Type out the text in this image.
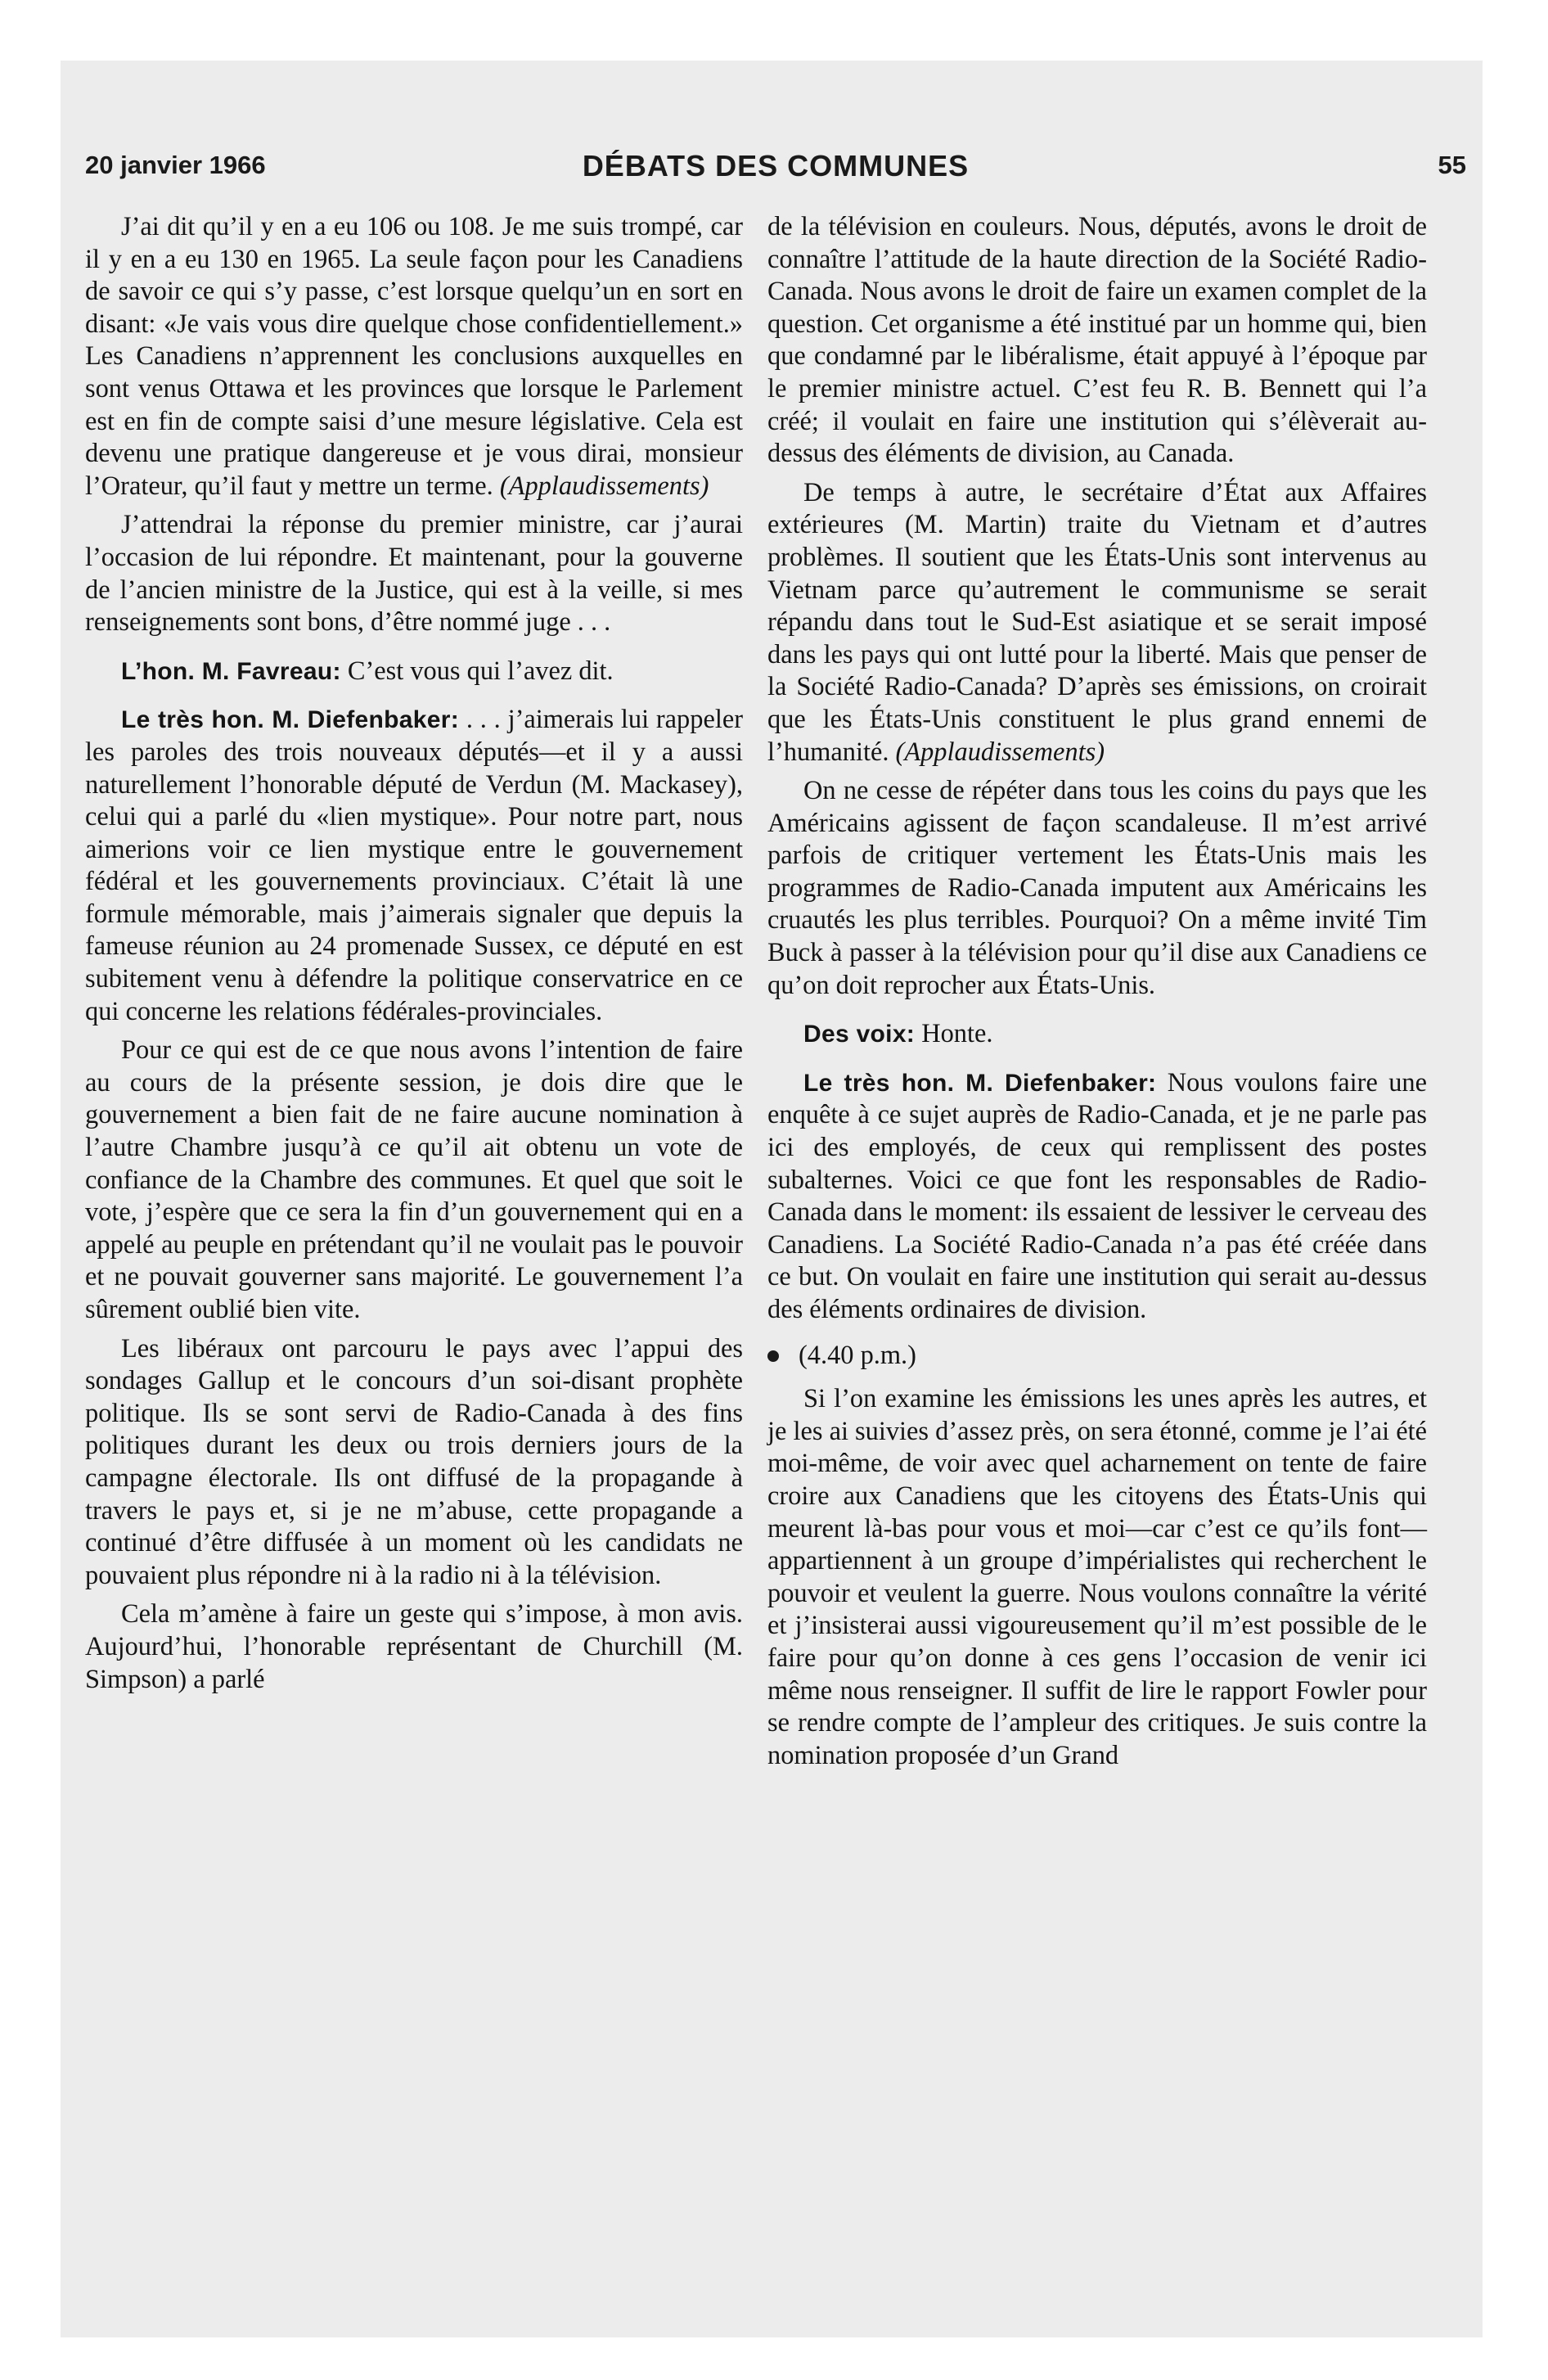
20 janvier 1966	DÉBATS DES COMMUNES	55

J’ai dit qu’il y en a eu 106 ou 108. Je me suis trompé, car il y en a eu 130 en 1965. La seule façon pour les Canadiens de savoir ce qui s’y passe, c’est lorsque quelqu’un en sort en disant: «Je vais vous dire quelque chose confidentiellement.» Les Canadiens n’apprennent les conclusions auxquelles en sont venus Ottawa et les provinces que lorsque le Parlement est en fin de compte saisi d’une mesure législative. Cela est devenu une pratique dangereuse et je vous dirai, monsieur l’Orateur, qu’il faut y mettre un terme. (Applaudissements)

J’attendrai la réponse du premier ministre, car j’aurai l’occasion de lui répondre. Et maintenant, pour la gouverne de l’ancien ministre de la Justice, qui est à la veille, si mes renseignements sont bons, d’être nommé juge . . .

L’hon. M. Favreau: C’est vous qui l’avez dit.

Le très hon. M. Diefenbaker: . . . j’aimerais lui rappeler les paroles des trois nouveaux députés—et il y a aussi naturellement l’honorable député de Verdun (M. Mackasey), celui qui a parlé du «lien mystique». Pour notre part, nous aimerions voir ce lien mystique entre le gouvernement fédéral et les gouvernements provinciaux. C’était là une formule mémorable, mais j’aimerais signaler que depuis la fameuse réunion au 24 promenade Sussex, ce député en est subitement venu à défendre la politique conservatrice en ce qui concerne les relations fédérales-provinciales.

Pour ce qui est de ce que nous avons l’intention de faire au cours de la présente session, je dois dire que le gouvernement a bien fait de ne faire aucune nomination à l’autre Chambre jusqu’à ce qu’il ait obtenu un vote de confiance de la Chambre des communes. Et quel que soit le vote, j’espère que ce sera la fin d’un gouvernement qui en a appelé au peuple en prétendant qu’il ne voulait pas le pouvoir et ne pouvait gouverner sans majorité. Le gouvernement l’a sûrement oublié bien vite.

Les libéraux ont parcouru le pays avec l’appui des sondages Gallup et le concours d’un soi-disant prophète politique. Ils se sont servi de Radio-Canada à des fins politiques durant les deux ou trois derniers jours de la campagne électorale. Ils ont diffusé de la propagande à travers le pays et, si je ne m’abuse, cette propagande a continué d’être diffusée à un moment où les candidats ne pouvaient plus répondre ni à la radio ni à la télévision.

Cela m’amène à faire un geste qui s’impose, à mon avis. Aujourd’hui, l’honorable représentant de Churchill (M. Simpson) a parlé

de la télévision en couleurs. Nous, députés, avons le droit de connaître l’attitude de la haute direction de la Société Radio-Canada. Nous avons le droit de faire un examen complet de la question. Cet organisme a été institué par un homme qui, bien que condamné par le libéralisme, était appuyé à l’époque par le premier ministre actuel. C’est feu R. B. Bennett qui l’a créé; il voulait en faire une institution qui s’élèverait au-dessus des éléments de division, au Canada.

De temps à autre, le secrétaire d’État aux Affaires extérieures (M. Martin) traite du Vietnam et d’autres problèmes. Il soutient que les États-Unis sont intervenus au Vietnam parce qu’autrement le communisme se serait répandu dans tout le Sud-Est asiatique et se serait imposé dans les pays qui ont lutté pour la liberté. Mais que penser de la Société Radio-Canada? D’après ses émissions, on croirait que les États-Unis constituent le plus grand ennemi de l’humanité. (Applaudissements)

On ne cesse de répéter dans tous les coins du pays que les Américains agissent de façon scandaleuse. Il m’est arrivé parfois de critiquer vertement les États-Unis mais les programmes de Radio-Canada imputent aux Américains les cruautés les plus terribles. Pourquoi? On a même invité Tim Buck à passer à la télévision pour qu’il dise aux Canadiens ce qu’on doit reprocher aux États-Unis.

Des voix: Honte.

Le très hon. M. Diefenbaker: Nous voulons faire une enquête à ce sujet auprès de Radio-Canada, et je ne parle pas ici des employés, de ceux qui remplissent des postes subalternes. Voici ce que font les responsables de Radio-Canada dans le moment: ils essaient de lessiver le cerveau des Canadiens. La Société Radio-Canada n’a pas été créée dans ce but. On voulait en faire une institution qui serait au-dessus des éléments ordinaires de division.

(4.40 p.m.)

Si l’on examine les émissions les unes après les autres, et je les ai suivies d’assez près, on sera étonné, comme je l’ai été moi-même, de voir avec quel acharnement on tente de faire croire aux Canadiens que les citoyens des États-Unis qui meurent là-bas pour vous et moi—car c’est ce qu’ils font—appartiennent à un groupe d’impérialistes qui recherchent le pouvoir et veulent la guerre. Nous voulons connaître la vérité et j’insisterai aussi vigoureusement qu’il m’est possible de le faire pour qu’on donne à ces gens l’occasion de venir ici même nous renseigner. Il suffit de lire le rapport Fowler pour se rendre compte de l’ampleur des critiques. Je suis contre la nomination proposée d’un Grand
